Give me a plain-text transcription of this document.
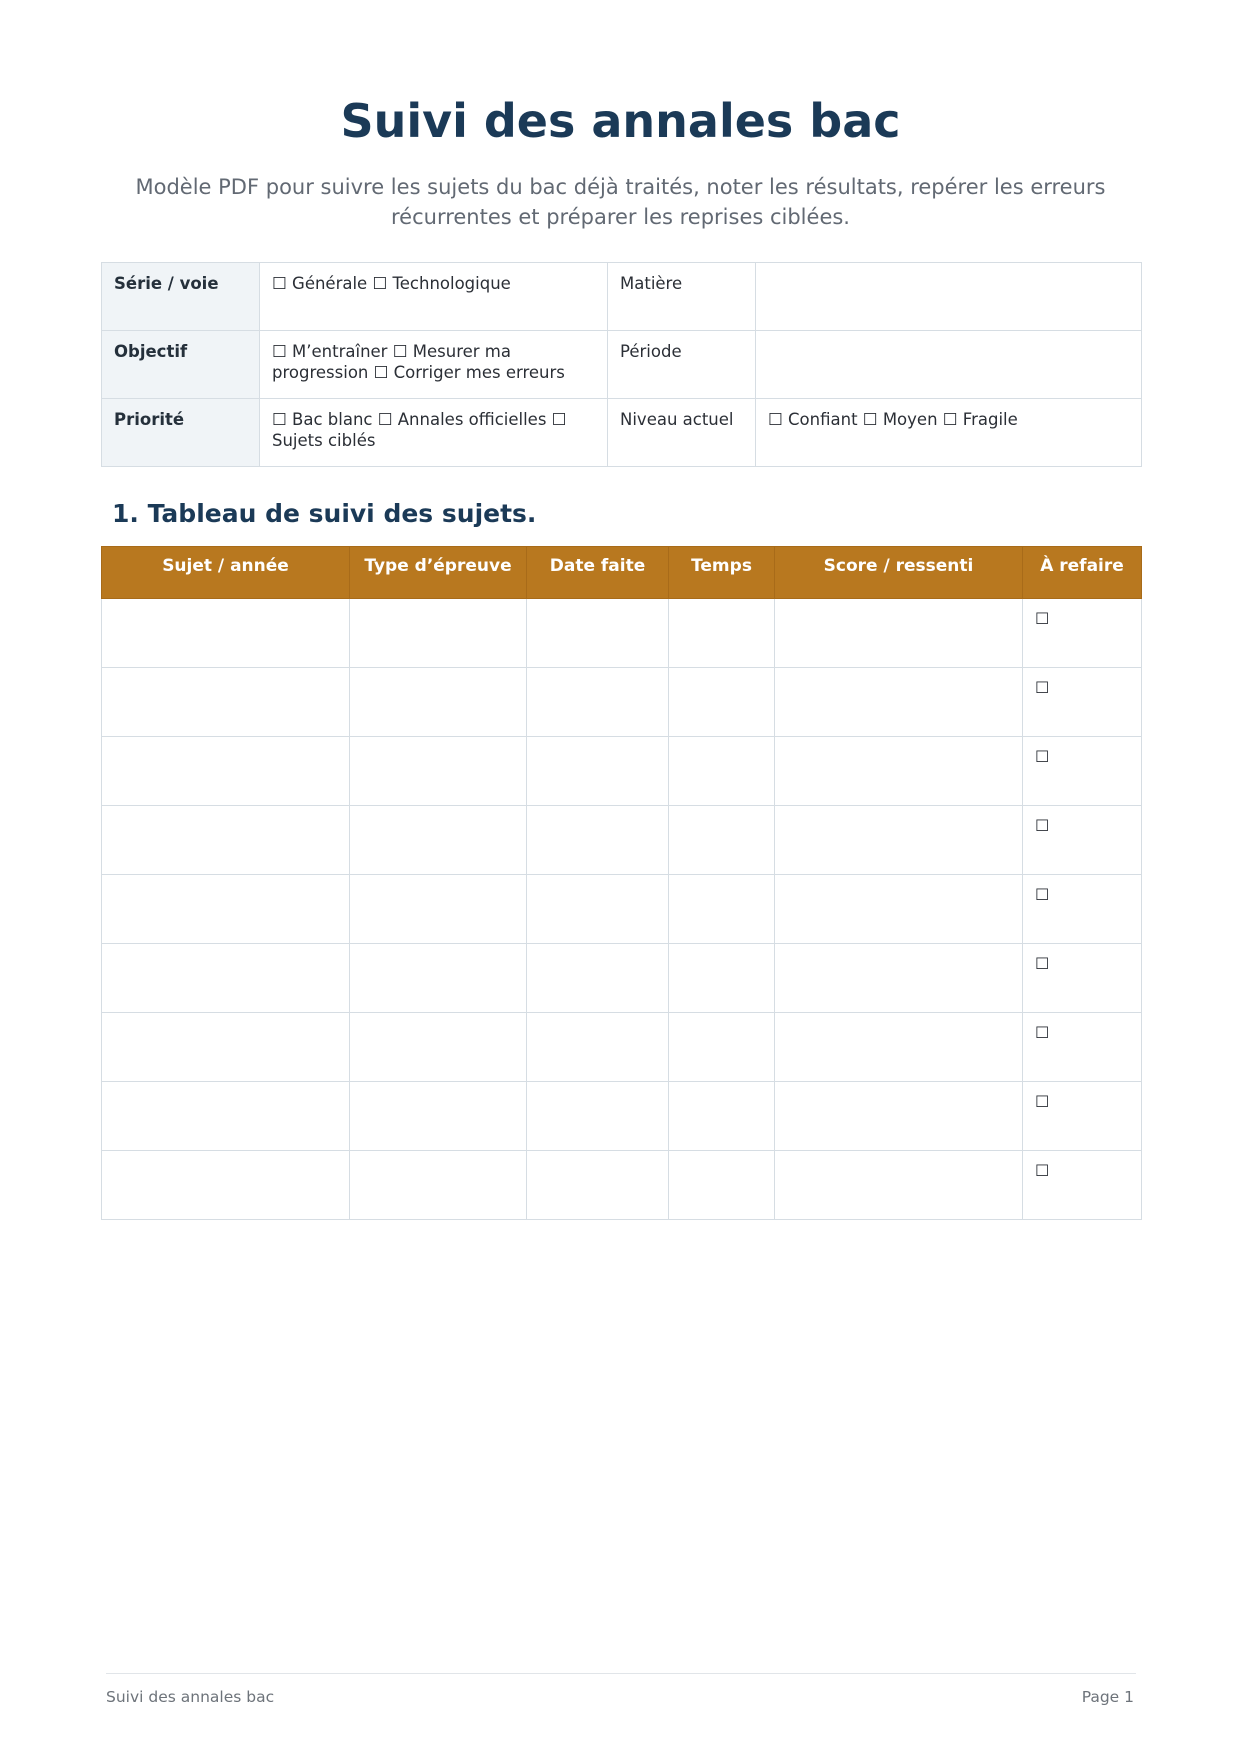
Suivi des annales bac

Modèle PDF pour suivre les sujets du bac déjà traités, noter les résultats, repérer les erreurs récurrentes et préparer les reprises ciblées.

Série / voie	☐ Générale ☐ Technologique	Matière	
Objectif	☐ M’entraîner ☐ Mesurer ma progression ☐ Corriger mes erreurs	Période	
Priorité	☐ Bac blanc ☐ Annales officielles ☐ Sujets ciblés	Niveau actuel	☐ Confiant ☐ Moyen ☐ Fragile
1. Tableau de suivi des sujets.
Sujet / année	Type d’épreuve	Date faite	Temps	Score / ressenti	À refaire
					☐
					☐
					☐
					☐
					☐
					☐
					☐
					☐
					☐
Suivi des annales bac	Page 1
